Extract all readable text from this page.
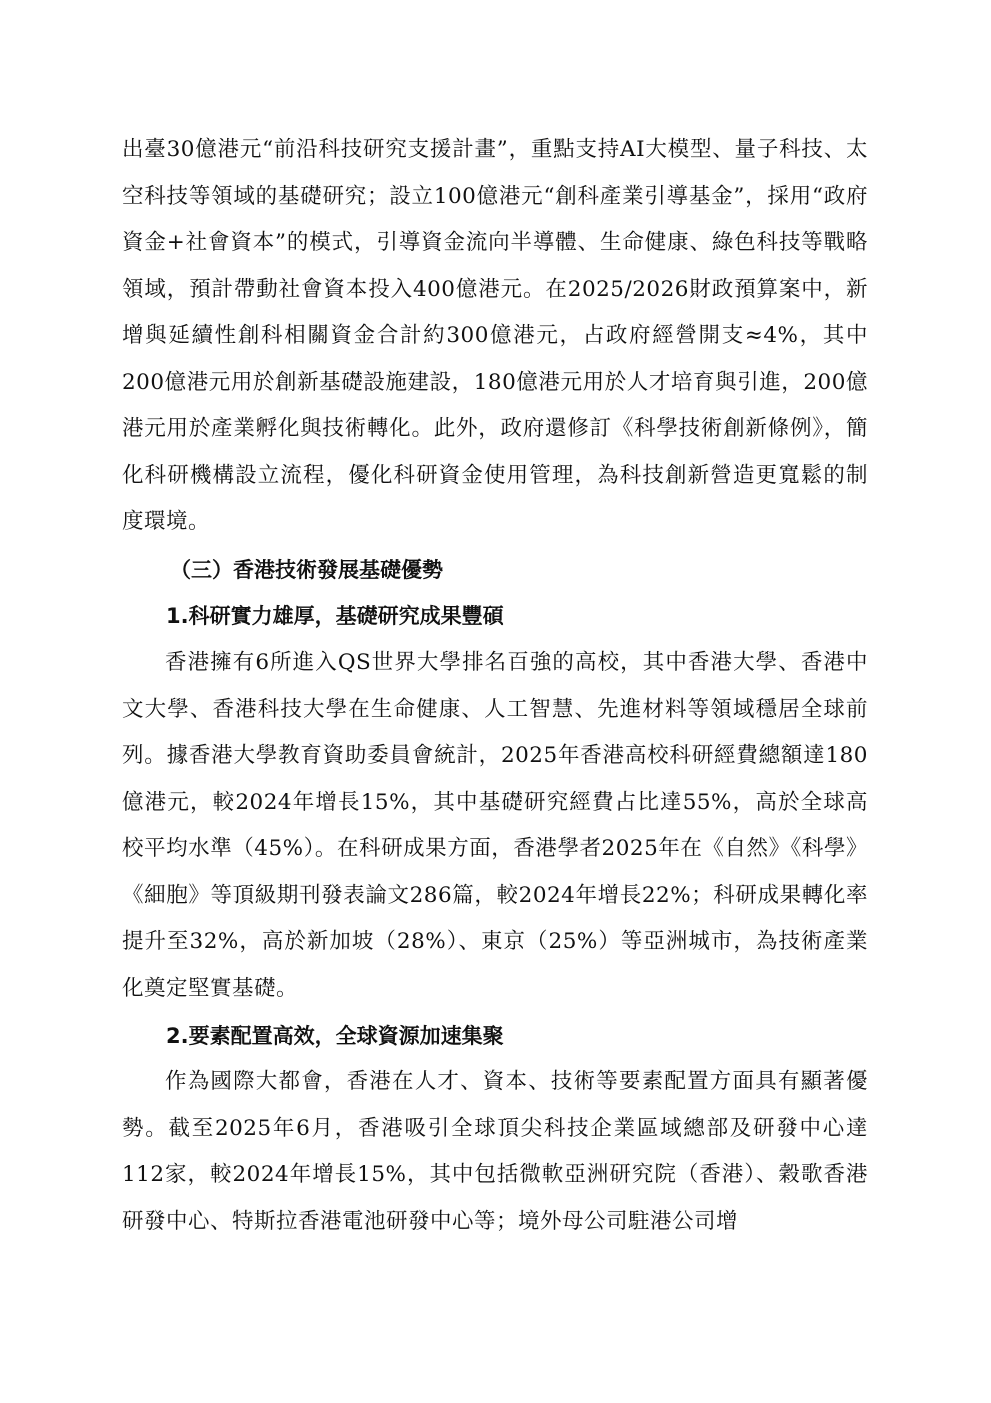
出臺30億港元“前沿科技研究支援計畫”，重點支持AI大模型、量子科技、太空科技等領域的基礎研究；設立100億港元“創科產業引導基金”，採用“政府資金+社會資本”的模式，引導資金流向半導體、生命健康、綠色科技等戰略領域，預計帶動社會資本投入400億港元。在2025/2026財政預算案中，新增與延續性創科相關資金合計約300億港元，占政府經營開支≈4%，其中200億港元用於創新基礎設施建設，180億港元用於人才培育與引進，200億港元用於產業孵化與技術轉化。此外，政府還修訂《科學技術創新條例》，簡化科研機構設立流程，優化科研資金使用管理，為科技創新營造更寬鬆的制度環境。

（三）香港技術發展基礎優勢
1.科研實力雄厚，基礎研究成果豐碩

香港擁有6所進入QS世界大學排名百強的高校，其中香港大學、香港中文大學、香港科技大學在生命健康、人工智慧、先進材料等領域穩居全球前列。據香港大學教育資助委員會統計，2025年香港高校科研經費總額達180億港元，較2024年增長15%，其中基礎研究經費占比達55%，高於全球高校平均水準（45%）。在科研成果方面，香港學者2025年在《自然》《科學》《細胞》等頂級期刊發表論文286篇，較2024年增長22%；科研成果轉化率提升至32%，高於新加坡（28%）、東京（25%）等亞洲城市，為技術產業化奠定堅實基礎。

2.要素配置高效，全球資源加速集聚

作為國際大都會，香港在人才、資本、技術等要素配置方面具有顯著優勢。截至2025年6月，香港吸引全球頂尖科技企業區域總部及研發中心達112家，較2024年增長15%，其中包括微軟亞洲研究院（香港）、穀歌香港研發中心、特斯拉香港電池研發中心等；境外母公司駐港公司增
